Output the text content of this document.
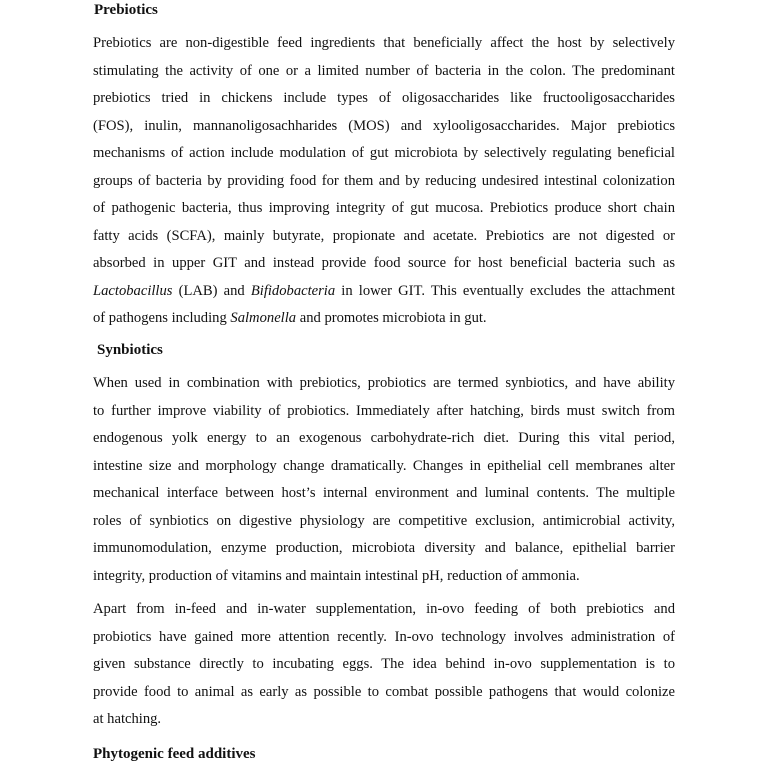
Prebiotics
Prebiotics are non-digestible feed ingredients that beneficially affect the host by selectively
stimulating the activity of one or a limited number of bacteria in the colon. The predominant
prebiotics tried in chickens include types of oligosaccharides like fructooligosaccharides
(FOS), inulin, mannanoligosachharides (MOS) and xylooligosaccharides. Major prebiotics
mechanisms of action include modulation of gut microbiota by selectively regulating beneficial
groups of bacteria by providing food for them and by reducing undesired intestinal colonization
of pathogenic bacteria, thus improving integrity of gut mucosa. Prebiotics produce short chain
fatty acids (SCFA), mainly butyrate, propionate and acetate. Prebiotics are not digested or
absorbed in upper GIT and instead provide food source for host beneficial bacteria such as
Lactobacillus (LAB) and Bifidobacteria in lower GIT. This eventually excludes the attachment
of pathogens including Salmonella and promotes microbiota in gut.
Synbiotics
When used in combination with prebiotics, probiotics are termed synbiotics, and have ability
to further improve viability of probiotics. Immediately after hatching, birds must switch from
endogenous yolk energy to an exogenous carbohydrate-rich diet. During this vital period,
intestine size and morphology change dramatically. Changes in epithelial cell membranes alter
mechanical interface between host’s internal environment and luminal contents. The multiple
roles of synbiotics on digestive physiology are competitive exclusion, antimicrobial activity,
immunomodulation, enzyme production, microbiota diversity and balance, epithelial barrier
integrity, production of vitamins and maintain intestinal pH, reduction of ammonia.
Apart from in-feed and in-water supplementation, in-ovo feeding of both prebiotics and
probiotics have gained more attention recently. In-ovo technology involves administration of
given substance directly to incubating eggs. The idea behind in-ovo supplementation is to
provide food to animal as early as possible to combat possible pathogens that would colonize
at hatching.
Phytogenic feed additives
